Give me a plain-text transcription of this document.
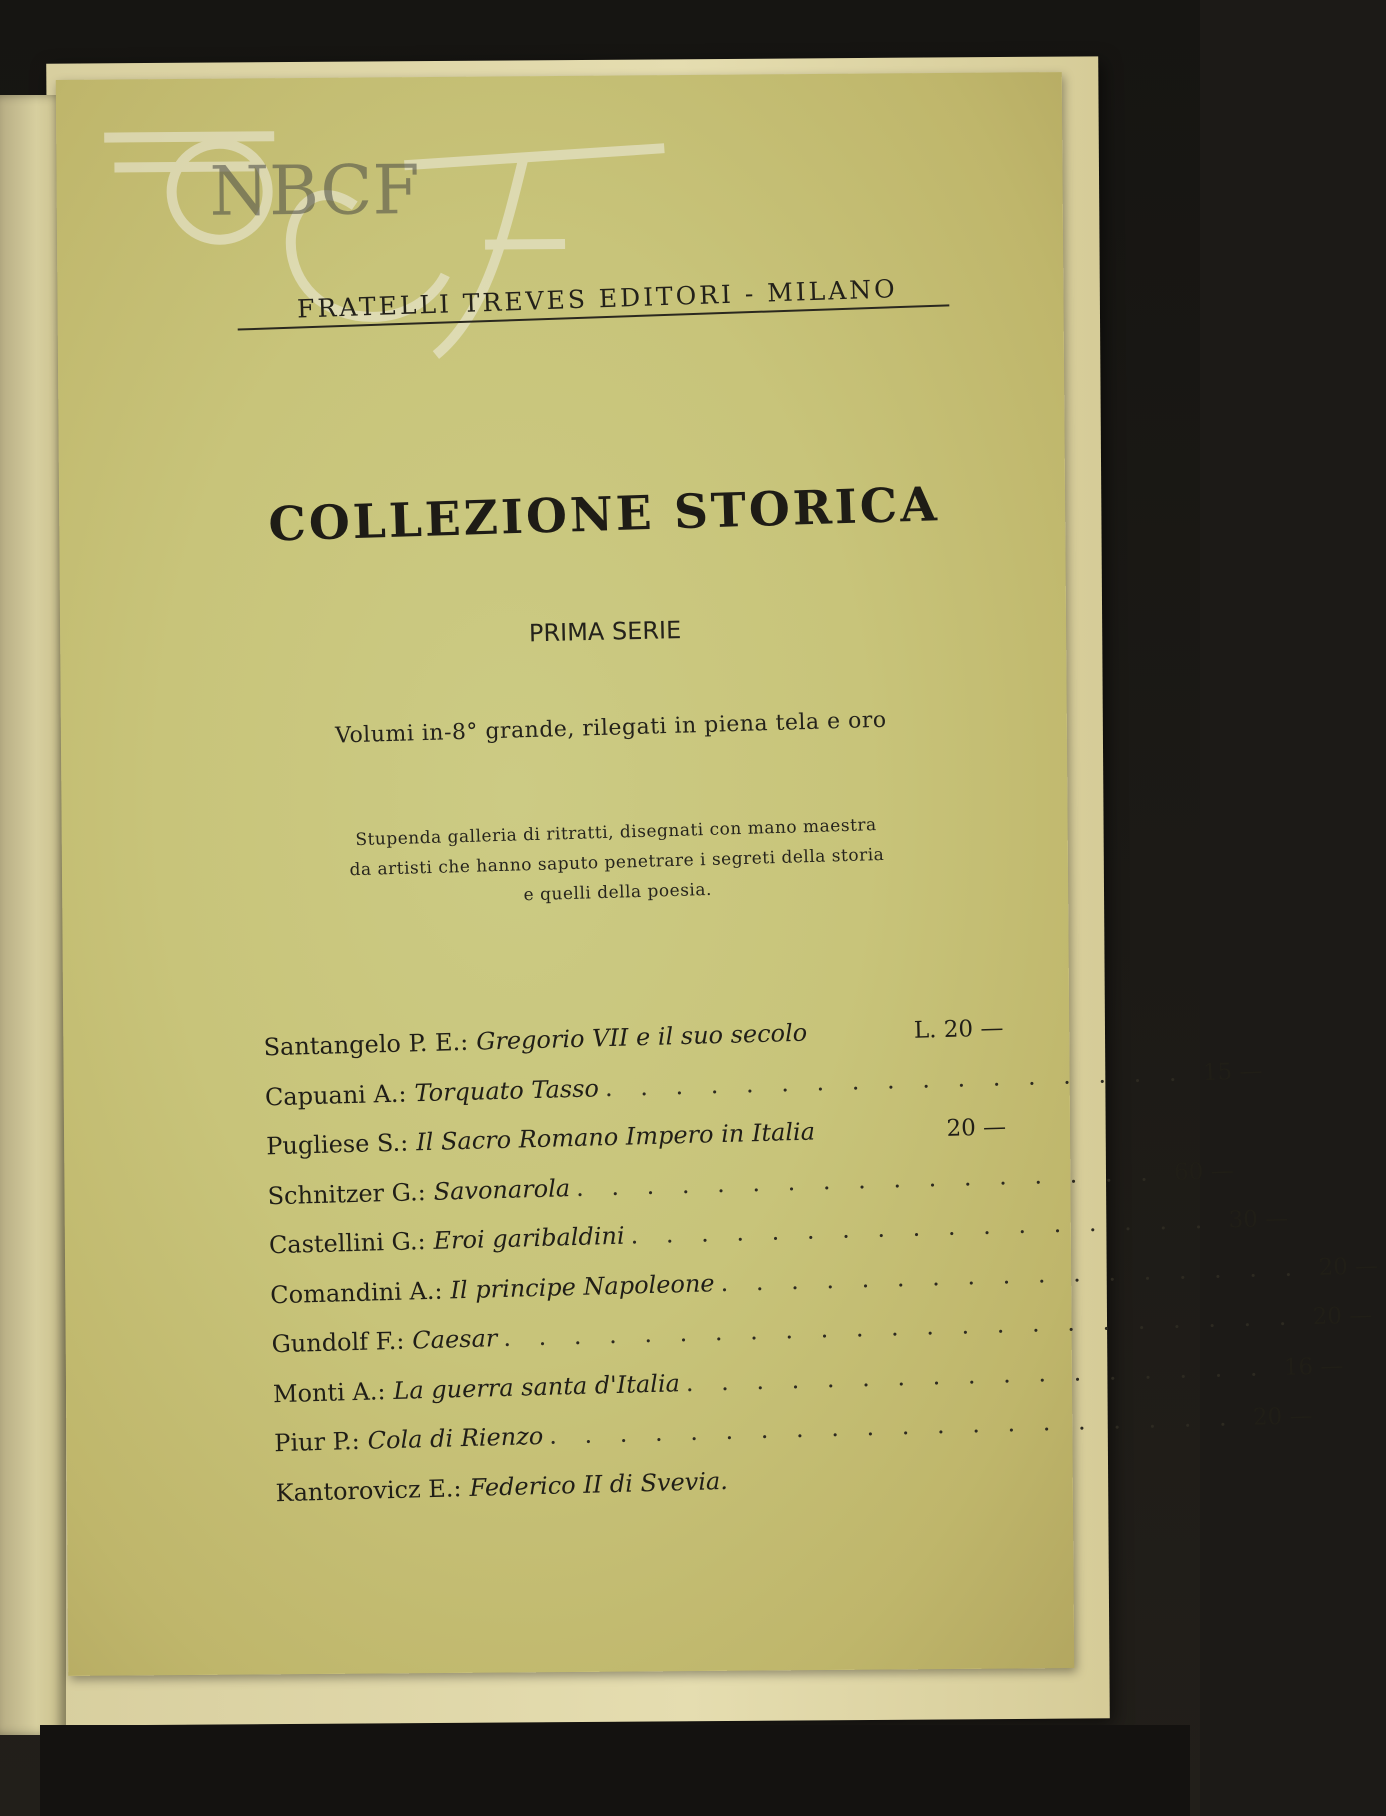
NBCF
FRATELLI TREVES EDITORI - MILANO
COLLEZIONE STORICA
PRIMA SERIE
Volumi in-8° grande, rilegati in piena tela e oro
Stupenda galleria di ritratti, disegnati con mano maestra
da artisti che hanno saputo penetrare i segreti della storia
e quelli della poesia.
Santangelo P. E.: Gregorio VII e il suo secolo	L. 20 —
Capuani A.: Torquato Tasso . . . . . . . . . . . . . . . . . 15 —
Pugliese S.: Il Sacro Romano Impero in Italia	20 —
Schnitzer G.: Savonarola . . . . . . . . . . . . . . . . . 60 —
Castellini G.: Eroi garibaldini . . . . . . . . . . . . . . . . . 30 —
Comandini A.: Il principe Napoleone . . . . . . . . . . . . . . . . . 20 —
Gundolf F.: Caesar . . . . . . . . . . . . . . . . . . . . . . . 20 —
Monti A.: La guerra santa d'Italia . . . . . . . . . . . . . . . . . 16 —
Piur P.: Cola di Rienzo . . . . . . . . . . . . . . . . . . . . 20 —
Kantorovicz E.: Federico II di Svevia.
